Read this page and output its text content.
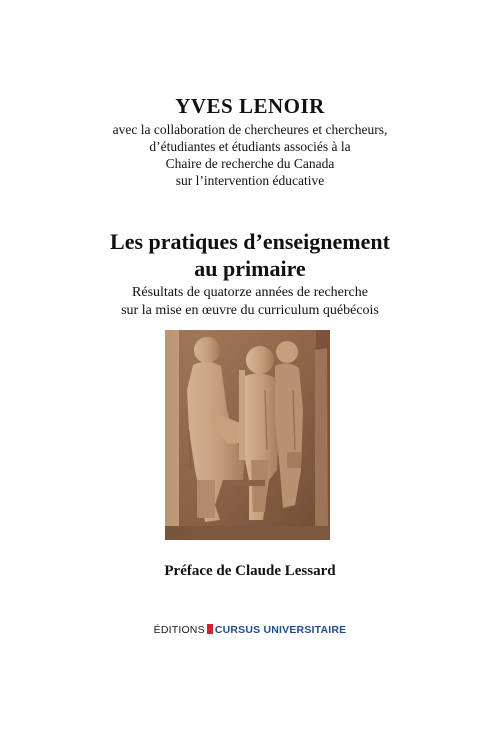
YVES LENOIR
avec la collaboration de chercheures et chercheurs,
d’étudiantes et étudiants associés à la
Chaire de recherche du Canada
sur l’intervention éducative
Les pratiques d’enseignement
au primaire
Résultats de quatorze années de recherche
sur la mise en œuvre du curriculum québécois
Préface de Claude Lessard
ÉDITIONS CURSUS UNIVERSITAIRE
